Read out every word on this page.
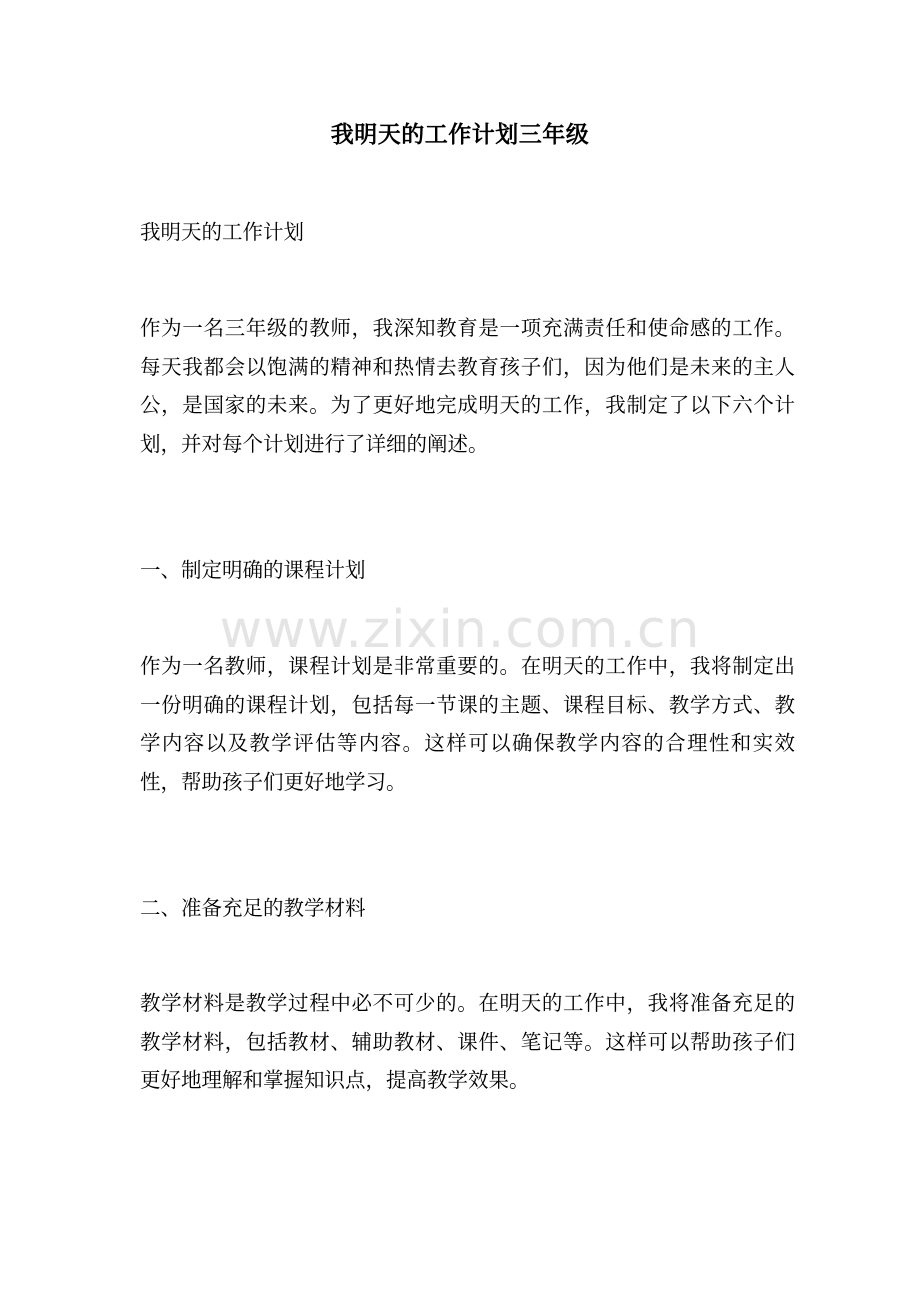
我明天的工作计划三年级

我明天的工作计划

作为一名三年级的教师，我深知教育是一项充满责任和使命感的工作。每天我都会以饱满的精神和热情去教育孩子们，因为他们是未来的主人公，是国家的未来。为了更好地完成明天的工作，我制定了以下六个计划，并对每个计划进行了详细的阐述。

一、制定明确的课程计划

www.zixin.com.cn

作为一名教师，课程计划是非常重要的。在明天的工作中，我将制定出一份明确的课程计划，包括每一节课的主题、课程目标、教学方式、教学内容以及教学评估等内容。这样可以确保教学内容的合理性和实效性，帮助孩子们更好地学习。

二、准备充足的教学材料

教学材料是教学过程中必不可少的。在明天的工作中，我将准备充足的教学材料，包括教材、辅助教材、课件、笔记等。这样可以帮助孩子们更好地理解和掌握知识点，提高教学效果。
